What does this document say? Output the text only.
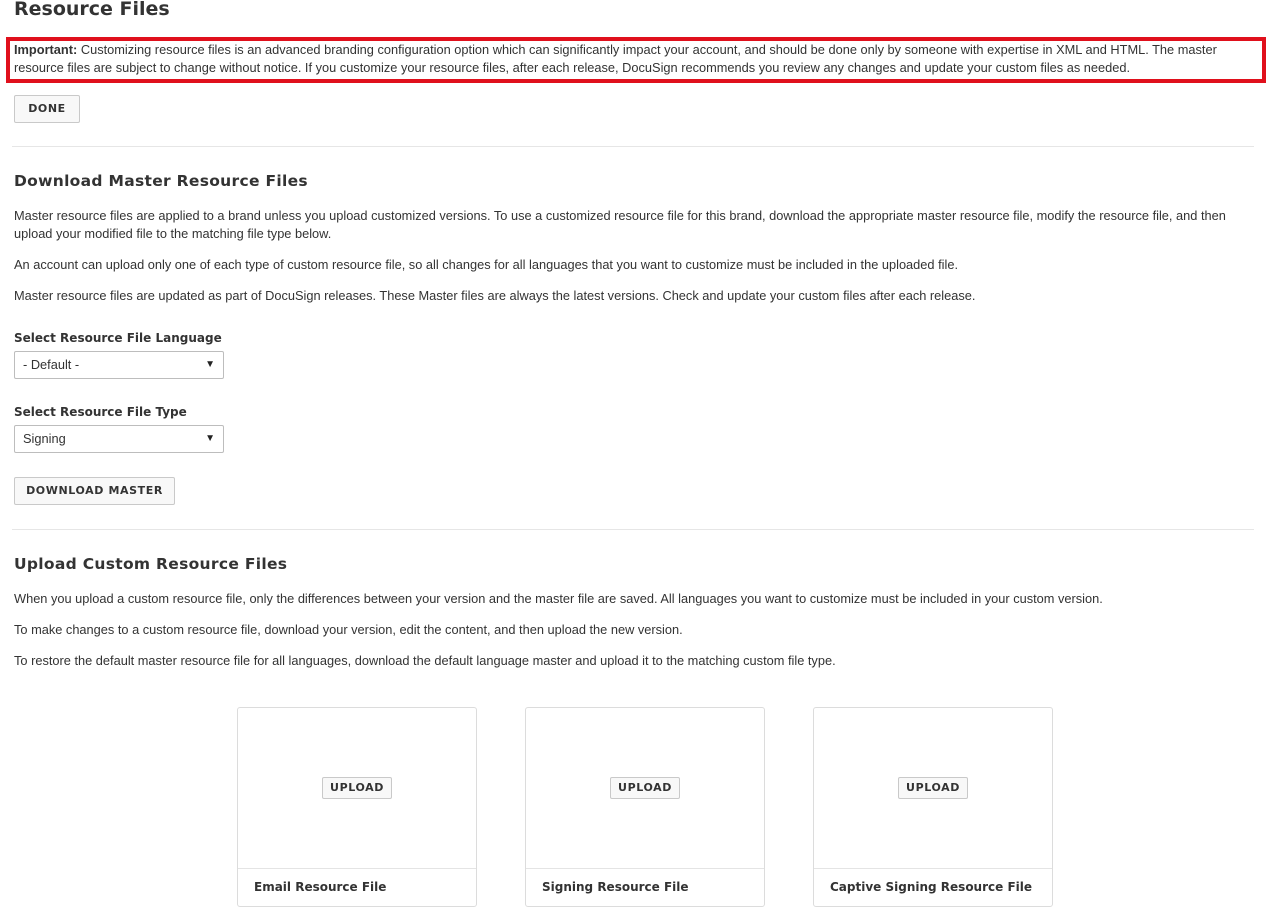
Resource Files
Important: Customizing resource files is an advanced branding configuration option which can significantly impact your account, and should be done only by someone with expertise in XML and HTML. The master resource files are subject to change without notice. If you customize your resource files, after each release, DocuSign recommends you review any changes and update your custom files as needed.
DONE
Download Master Resource Files

Master resource files are applied to a brand unless you upload customized versions. To use a customized resource file for this brand, download the appropriate master resource file, modify the resource file, and then upload your modified file to the matching file type below.

An account can upload only one of each type of custom resource file, so all changes for all languages that you want to customize must be included in the uploaded file.

Master resource files are updated as part of DocuSign releases. These Master files are always the latest versions. Check and update your custom files after each release.

Select Resource File Language
- Default -	▼
Select Resource File Type
Signing	▼
DOWNLOAD MASTER
Upload Custom Resource Files

When you upload a custom resource file, only the differences between your version and the master file are saved. All languages you want to customize must be included in your custom version.

To make changes to a custom resource file, download your version, edit the content, and then upload the new version.

To restore the default master resource file for all languages, download the default language master and upload it to the matching custom file type.

UPLOAD
Email Resource File
UPLOAD
Signing Resource File
UPLOAD
Captive Signing Resource File
